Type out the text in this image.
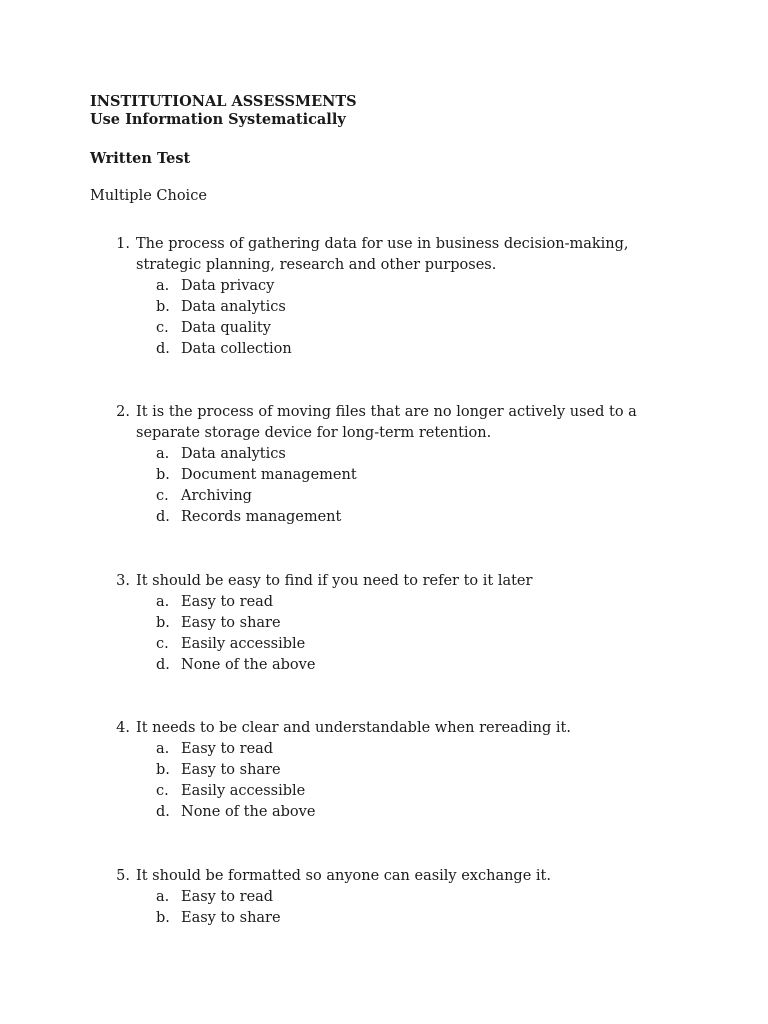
INSTITUTIONAL ASSESSMENTS
Use Information Systematically
Written Test
Multiple Choice
1. The process of gathering data for use in business decision-making, strategic planning, research and other purposes.
a. Data privacy
b. Data analytics
c. Data quality
d. Data collection
2. It is the process of moving files that are no longer actively used to a separate storage device for long-term retention.
a. Data analytics
b. Document management
c. Archiving
d. Records management
3. It should be easy to find if you need to refer to it later
a. Easy to read
b. Easy to share
c. Easily accessible
d. None of the above
4. It needs to be clear and understandable when rereading it.
a. Easy to read
b. Easy to share
c. Easily accessible
d. None of the above
5. It should be formatted so anyone can easily exchange it.
a. Easy to read
b. Easy to share
